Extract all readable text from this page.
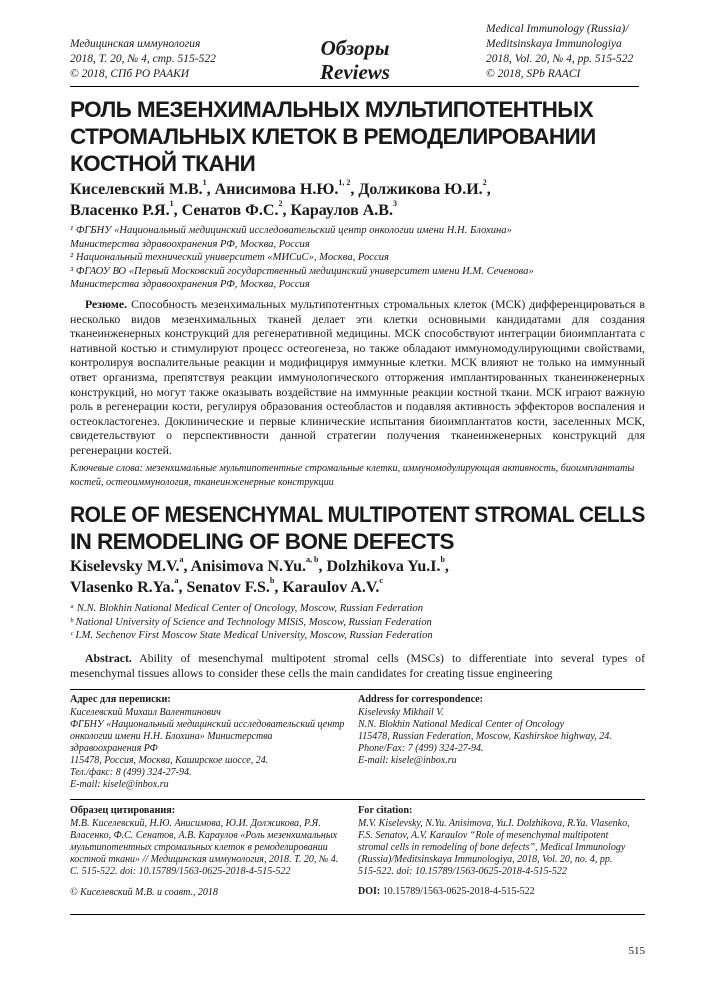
Медицинская иммунология
2018, Т. 20, № 4, стр. 515-522
© 2018, СПб РО РААКИ
Обзоры
Reviews
Medical Immunology (Russia)/
Meditsinskaya Immunologiya
2018, Vol. 20, № 4, pp. 515-522
© 2018, SPb RAACI
РОЛЬ МЕЗЕНХИМАЛЬНЫХ МУЛЬТИПОТЕНТНЫХ
СТРОМАЛЬНЫХ КЛЕТОК В РЕМОДЕЛИРОВАНИИ
КОСТНОЙ ТКАНИ
Киселевский М.В.$^1$, Анисимова Н.Ю.$^{1, 2}$, Должикова Ю.И.$^2$,
Власенко Р.Я.$^1$, Сенатов Ф.С.$^2$, Караулов А.В.$^3$
¹ ФГБНУ «Национальный медицинский исследовательский центр онкологии имени Н.Н. Блохина»
Министерства здравоохранения РФ, Москва, Россия
² Национальный технический университет «МИСиС», Москва, Россия
³ ФГАОУ ВО «Первый Московский государственный медицинский университет имени И.М. Сеченова»
Министерства здравоохранения РФ, Москва, Россия
Резюме. Способность мезенхимальных мультипотентных стромальных клеток (МСК) дифференцироваться в несколько видов мезенхимальных тканей делает эти клетки основными кандидатами для создания тканеинженерных конструкций для регенеративной медицины. МСК способствуют интеграции биоимплантата с нативной костью и стимулируют процесс остеогенеза, но также обладают иммуномодулирующими свойствами, контролируя воспалительные реакции и модифицируя иммунные клетки. МСК влияют не только на иммунный ответ организма, препятствуя реакции иммунологического отторжения имплантированных тканеинженерных конструкций, но могут также оказывать воздействие на иммунные реакции костной ткани. МСК играют важную роль в регенерации кости, регулируя образования остеобластов и подавляя активность эффекторов воспаления и остеокластогенез. Доклинические и первые клинические испытания биоимплантатов кости, заселенных МСК, свидетельствуют о перспективности данной стратегии получения тканеинженерных конструкций для регенерации костей.
Ключевые слова: мезенхимальные мультипотентные стромальные клетки, иммуномодулирующая активность, биоимплантаты костей, остеоиммунология, тканеинженерные конструкции
ROLE OF MESENCHYMAL MULTIPOTENT STROMAL CELLS
IN REMODELING OF BONE DEFECTS
Kiselevsky M.V.$^a$, Anisimova N.Yu.$^{a, b}$, Dolzhikova Yu.I.$^b$,
Vlasenko R.Ya.$^a$, Senatov F.S.$^b$, Karaulov A.V.$^c$
ᵃ N.N. Blokhin National Medical Center of Oncology, Moscow, Russian Federation
ᵇ National University of Science and Technology MISiS, Moscow, Russian Federation
ᶜ I.M. Sechenov First Moscow State Medical University, Moscow, Russian Federation
Abstract. Ability of mesenchymal multipotent stromal cells (MSCs) to differentiate into several types of mesenchymal tissues allows to consider these cells the main candidates for creating tissue engineering
Адрес для переписки:
Киселевский Михаил Валентинович
ФГБНУ «Национальный медицинский исследовательский центр онкологии имени Н.Н. Блохина» Министерства здравоохранения РФ
115478, Россия, Москва, Каширское шоссе, 24.
Тел./факс: 8 (499) 324-27-94.
E-mail: kisele@inbox.ru
Address for correspondence:
Kiselevsky Mikhail V.
N.N. Blokhin National Medical Center of Oncology
115478, Russian Federation, Moscow, Kashirskoe highway, 24.
Phone/Fax: 7 (499) 324-27-94.
E-mail: kisele@inbox.ru
Образец цитирования:
М.В. Киселевский, Н.Ю. Анисимова, Ю.И. Должикова, Р.Я. Власенко, Ф.С. Сенатов, А.В. Караулов «Роль мезенхимальных мультипотентных стромальных клеток в ремоделировании костной ткани» // Медицинская иммунология, 2018. Т. 20, № 4. С. 515-522. doi: 10.15789/1563-0625-2018-4-515-522
© Киселевский М.В. и соавт., 2018
For citation:
M.V. Kiselevsky, N.Yu. Anisimova, Yu.I. Dolzhikova, R.Ya. Vlasenko, F.S. Senatov, A.V. Karaulov “Role of mesenchymal multipotent stromal cells in remodeling of bone defects”, Medical Immunology (Russia)/Meditsinskaya Immunologiya, 2018, Vol. 20, no. 4, pp. 515-522. doi: 10.15789/1563-0625-2018-4-515-522
DOI: 10.15789/1563-0625-2018-4-515-522
515
